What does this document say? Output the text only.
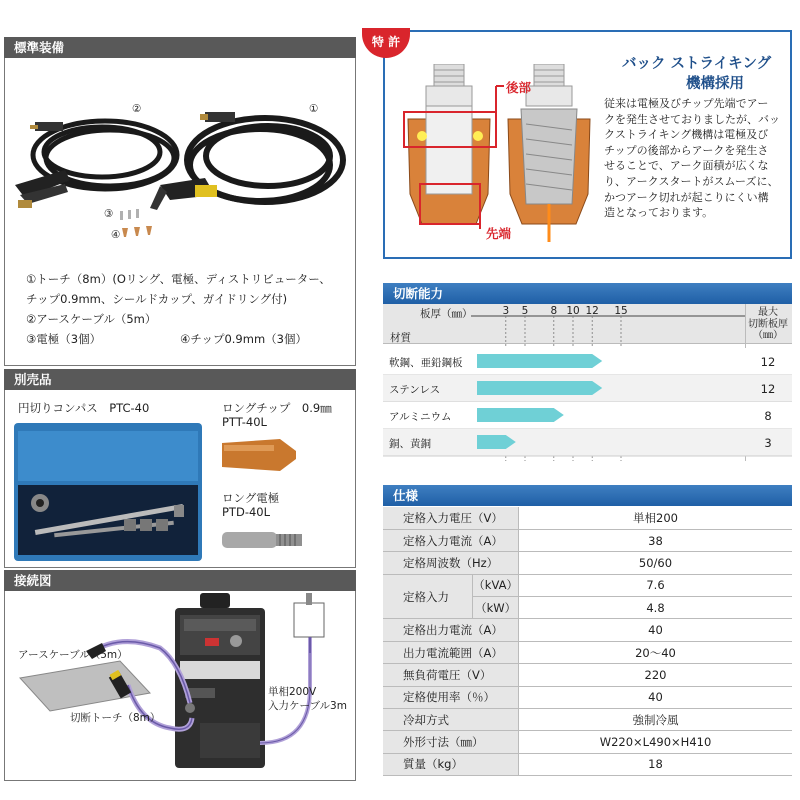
標準装備
②	①
③
④
①トーチ（8m）(Oリング、電極、ディストリビューター、
チップ0.9mm、シールドカップ、ガイドリング付)
②アースケーブル（5m）
③電極（3個）	④チップ0.9mm（3個）
別売品
円切りコンパス　PTC-40	ロングチップ　0.9㎜
PTT-40L
ロング電極
PTD-40L
接続図
アースケーブル（5m）
切断トーチ（8m）
単相200V
入力ケーブル3m
特 許
バック ストライキング
機構採用
後部
先端
従来は電極及びチップ先端でアー
クを発生させておりましたが、バッ
クストライキング機構は電極及び
チップの後部からアークを発生さ
せることで、アーク面積が広くな
り、アークスタートがスムーズに、
かつアーク切れが起こりにくい構
造となっております。
切断能力
板厚（㎜）
材質
最大
切断板厚
（㎜）
3 5 8 10 12 15
軟鋼、亜鉛鋼板	12
ステンレス	12
アルミニウム	8
銅、黄銅	3
仕様
定格入力電圧（V）		単相200
定格入力電流（A）		38
定格周波数（Hz）		50/60
定格入力	（kVA）	7.6
	（kW）	4.8
定格出力電流（A）		40
出力電流範囲（A）		20〜40
無負荷電圧（V）		220
定格使用率（％）		40
冷却方式		強制冷風
外形寸法（㎜）		W220×L490×H410
質量（kg）		18
